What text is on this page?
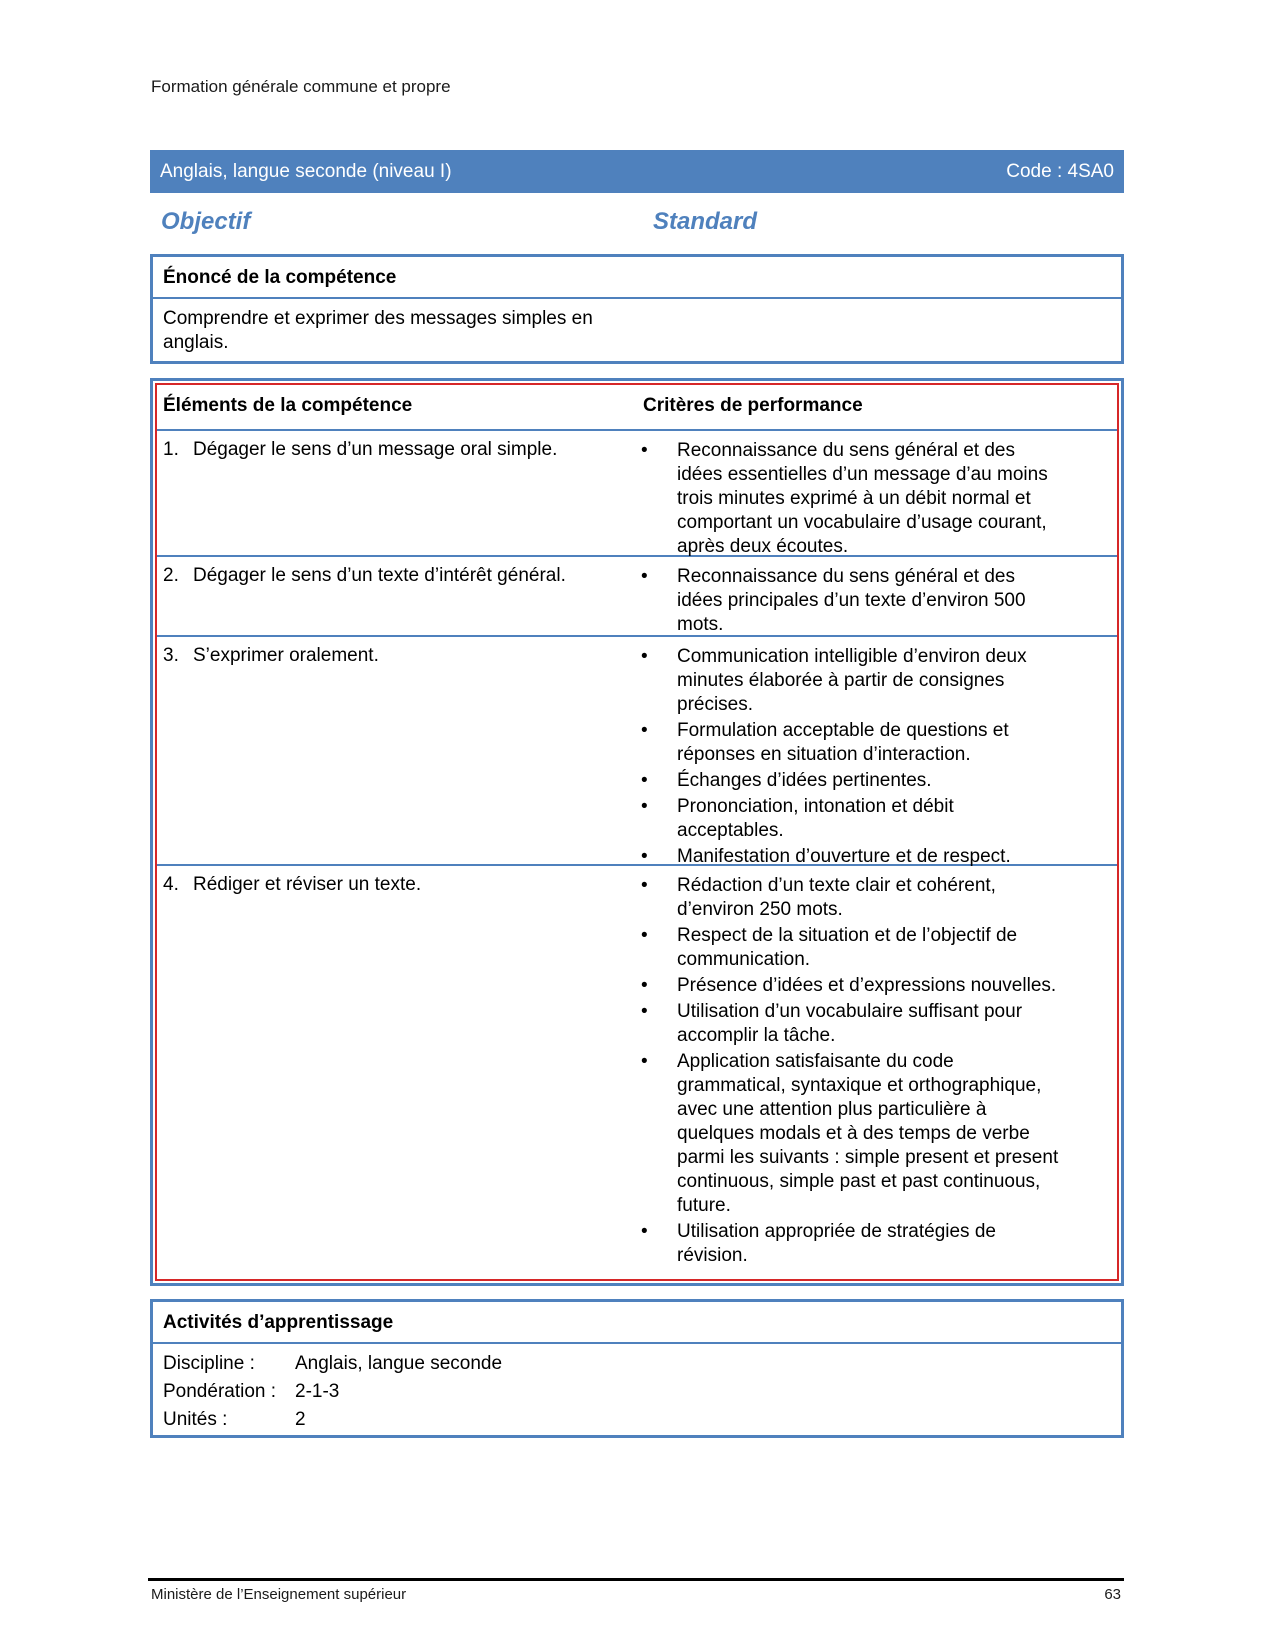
Formation générale commune et propre
Anglais, langue seconde (niveau I)	Code : 4SA0
Objectif	Standard
Énoncé de la compétence
Comprendre et exprimer des messages simples en anglais.
Éléments de la compétence	Critères de performance
1. Dégager le sens d’un message oral simple.	• Reconnaissance du sens général et des idées essentielles d’un message d’au moins trois minutes exprimé à un débit normal et comportant un vocabulaire d’usage courant, après deux écoutes.
2. Dégager le sens d’un texte d’intérêt général.	• Reconnaissance du sens général et des idées principales d’un texte d’environ 500 mots.
3. S’exprimer oralement.	• Communication intelligible d’environ deux minutes élaborée à partir de consignes précises.
• Formulation acceptable de questions et réponses en situation d’interaction.
• Échanges d’idées pertinentes.
• Prononciation, intonation et débit acceptables.
• Manifestation d’ouverture et de respect.
4. Rédiger et réviser un texte.	• Rédaction d’un texte clair et cohérent, d’environ 250 mots.
• Respect de la situation et de l’objectif de communication.
• Présence d’idées et d’expressions nouvelles.
• Utilisation d’un vocabulaire suffisant pour accomplir la tâche.
• Application satisfaisante du code grammatical, syntaxique et orthographique, avec une attention plus particulière à quelques modals et à des temps de verbe parmi les suivants : simple present et present continuous, simple past et past continuous, future.
• Utilisation appropriée de stratégies de révision.
Activités d’apprentissage
Discipline :	Anglais, langue seconde
Pondération : 2-1-3
Unités :	2
Ministère de l’Enseignement supérieur	63
